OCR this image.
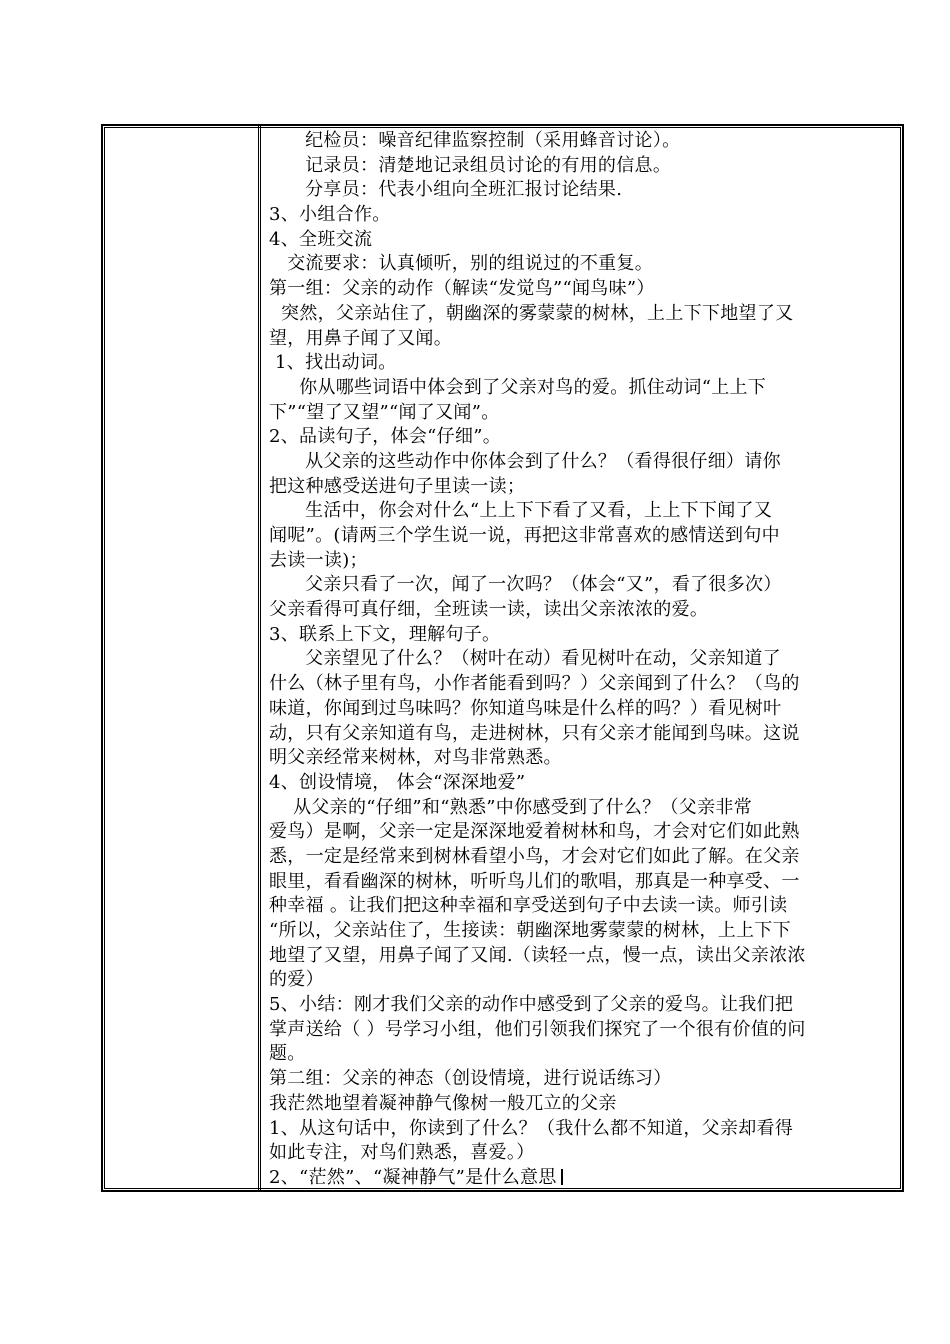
纪检员：噪音纪律监察控制（采用蜂音讨论）。
记录员：清楚地记录组员讨论的有用的信息。
分享员：代表小组向全班汇报讨论结果.
3、小组合作。
4、全班交流
交流要求：认真倾听，别的组说过的不重复。
第一组：父亲的动作（解读“发觉鸟”“闻鸟味”）
突然，父亲站住了，朝幽深的雾蒙蒙的树林，上上下下地望了又
望，用鼻子闻了又闻。
1、找出动词。
你从哪些词语中体会到了父亲对鸟的爱。抓住动词“上上下
下”“望了又望”“闻了又闻”。
2、品读句子，体会“仔细”。
从父亲的这些动作中你体会到了什么？（看得很仔细）请你
把这种感受送进句子里读一读；
生活中，你会对什么“上上下下看了又看，上上下下闻了又
闻呢”。(请两三个学生说一说，再把这非常喜欢的感情送到句中
去读一读)；
父亲只看了一次，闻了一次吗？（体会“又”，看了很多次）
父亲看得可真仔细，全班读一读，读出父亲浓浓的爱。
3、联系上下文，理解句子。
父亲望见了什么？（树叶在动）看见树叶在动，父亲知道了
什么（林子里有鸟，小作者能看到吗？）父亲闻到了什么？（鸟的
味道，你闻到过鸟味吗？你知道鸟味是什么样的吗？）看见树叶
动，只有父亲知道有鸟，走进树林，只有父亲才能闻到鸟味。这说
明父亲经常来树林，对鸟非常熟悉。
4、创设情境， 体会“深深地爱”
从父亲的“仔细”和“熟悉”中你感受到了什么？（父亲非常
爱鸟）是啊，父亲一定是深深地爱着树林和鸟，才会对它们如此熟
悉，一定是经常来到树林看望小鸟，才会对它们如此了解。在父亲
眼里，看看幽深的树林，听听鸟儿们的歌唱，那真是一种享受、一
种幸福 。让我们把这种幸福和享受送到句子中去读一读。师引读
“所以，父亲站住了，生接读：朝幽深地雾蒙蒙的树林，上上下下
地望了又望，用鼻子闻了又闻.（读轻一点，慢一点，读出父亲浓浓
的爱）
5、小结：刚才我们父亲的动作中感受到了父亲的爱鸟。让我们把
掌声送给（ ）号学习小组，他们引领我们探究了一个很有价值的问
题。
第二组：父亲的神态（创设情境，进行说话练习）
我茫然地望着凝神静气像树一般兀立的父亲
1、从这句话中，你读到了什么？（我什么都不知道，父亲却看得
如此专注，对鸟们熟悉，喜爱。）
2、“茫然”、“凝神静气”是什么意思
